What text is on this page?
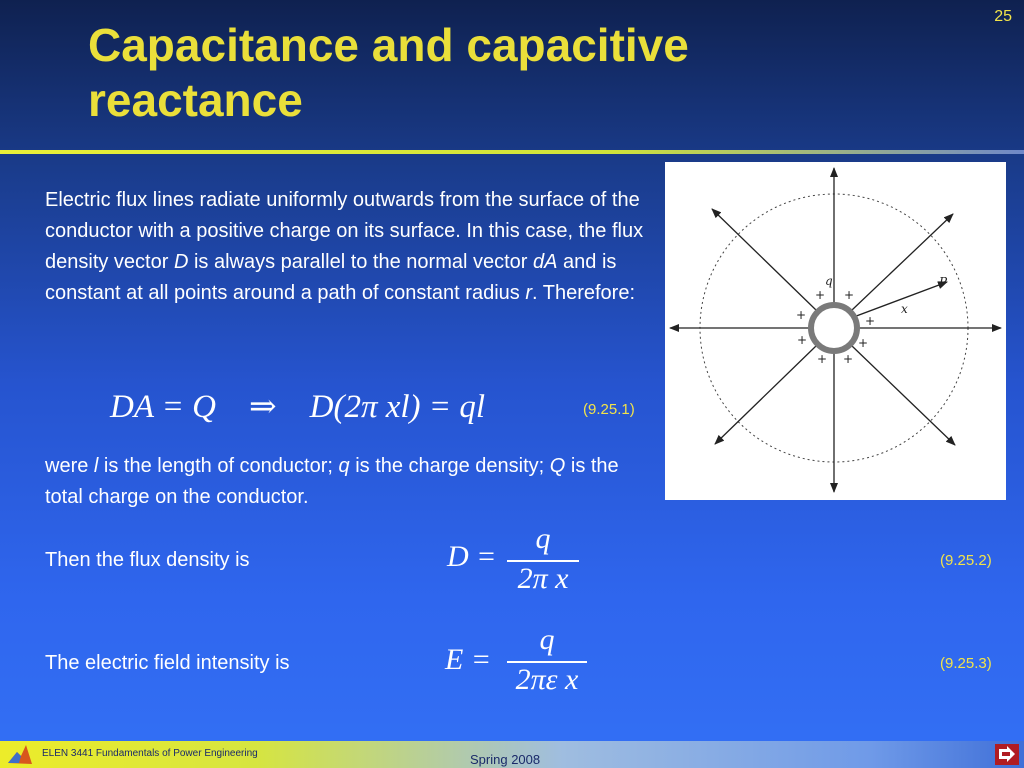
25
Capacitance and capacitive reactance

Electric flux lines radiate uniformly outwards from the surface of the conductor with a positive charge on its surface. In this case, the flux density vector D is always parallel to the normal vector dA and is constant at all points around a path of constant radius r. Therefore:

DA = Q    ⇒    D(2π xl) = ql	(9.25.1)

were l is the length of conductor; q is the charge density; Q is the total charge on the conductor.

Then the flux density is	D =
q
2π x
(9.25.2)
The electric field intensity is	E =
q
2πε x	(9.25.3)
+ +
+	+
+	+
+ +
q	P
x
ELEN 3441 Fundamentals of Power Engineering	Spring 2008
